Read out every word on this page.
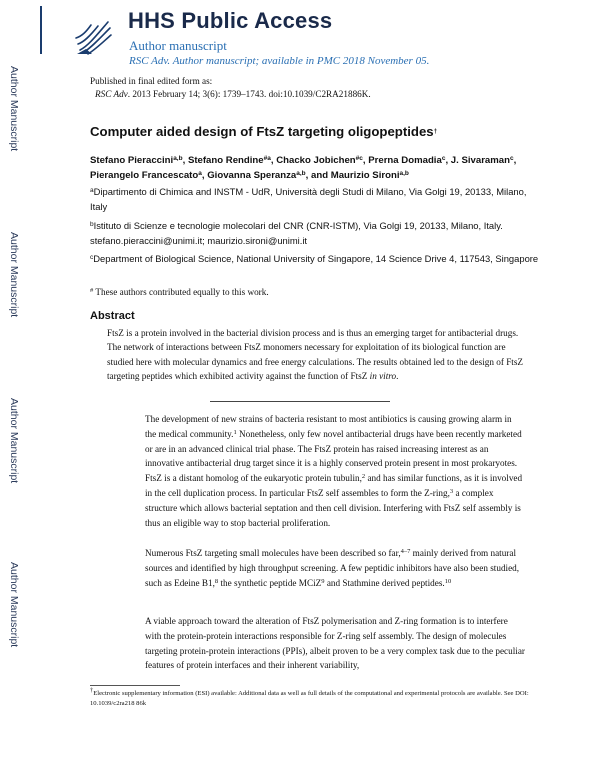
Author Manuscript
Author Manuscript
Author Manuscript
Author Manuscript
HHS Public Access
Author manuscript
RSC Adv. Author manuscript; available in PMC 2018 November 05.
Published in final edited form as:
RSC Adv. 2013 February 14; 3(6): 1739–1743. doi:10.1039/C2RA21886K.
Computer aided design of FtsZ targeting oligopeptides†
Stefano Pieraccini$^{a,b}$, Stefano Rendine$^{\#a}$, Chacko Jobichen$^{\#c}$, Prerna Domadia$^c$, J. Sivaraman$^c$, Pierangelo Francescato$^a$, Giovanna Speranza$^{a,b}$, and Maurizio Sironi$^{a,b}$
$^a$Dipartimento di Chimica and INSTM - UdR, Università degli Studi di Milano, Via Golgi 19, 20133, Milano, Italy
$^b$Istituto di Scienze e tecnologie molecolari del CNR (CNR-ISTM), Via Golgi 19, 20133, Milano, Italy. stefano.pieraccini@unimi.it; maurizio.sironi@unimi.it
$^c$Department of Biological Science, National University of Singapore, 14 Science Drive 4, 117543, Singapore
# These authors contributed equally to this work.
Abstract
FtsZ is a protein involved in the bacterial division process and is thus an emerging target for antibacterial drugs. The network of interactions between FtsZ monomers necessary for exploitation of its biological function are studied here with molecular dynamics and free energy calculations. The results obtained led to the design of FtsZ targeting peptides which exhibited activity against the function of FtsZ in vitro.
The development of new strains of bacteria resistant to most antibiotics is causing growing alarm in the medical community.$^1$ Nonetheless, only few novel antibacterial drugs have been recently marketed or are in an advanced clinical trial phase. The FtsZ protein has raised increasing interest as an innovative antibacterial drug target since it is a highly conserved protein present in most prokaryotes. FtsZ is a distant homolog of the eukaryotic protein tubulin,$^2$ and has similar functions, as it is involved in the cell duplication process. In particular FtsZ self assembles to form the Z-ring,$^3$ a complex structure which allows bacterial septation and then cell division. Interfering with FtsZ self assembly is thus an eligible way to stop bacterial proliferation.
Numerous FtsZ targeting small molecules have been described so far,$^{4-7}$ mainly derived from natural sources and identified by high throughput screening. A few peptidic inhibitors have also been studied, such as Edeine B1,$^8$ the synthetic peptide MCiZ$^9$ and Stathmine derived peptides.$^{10}$
A viable approach toward the alteration of FtsZ polymerisation and Z-ring formation is to interfere with the protein-protein interactions responsible for Z-ring self assembly. The design of molecules targeting protein-protein interactions (PPIs), albeit proven to be a very complex task due to the peculiar features of protein interfaces and their inherent variability,
†Electronic supplementary information (ESI) available: Additional data as well as full details of the computational and experimental protocols are available. See DOI: 10.1039/c2ra218 86k
